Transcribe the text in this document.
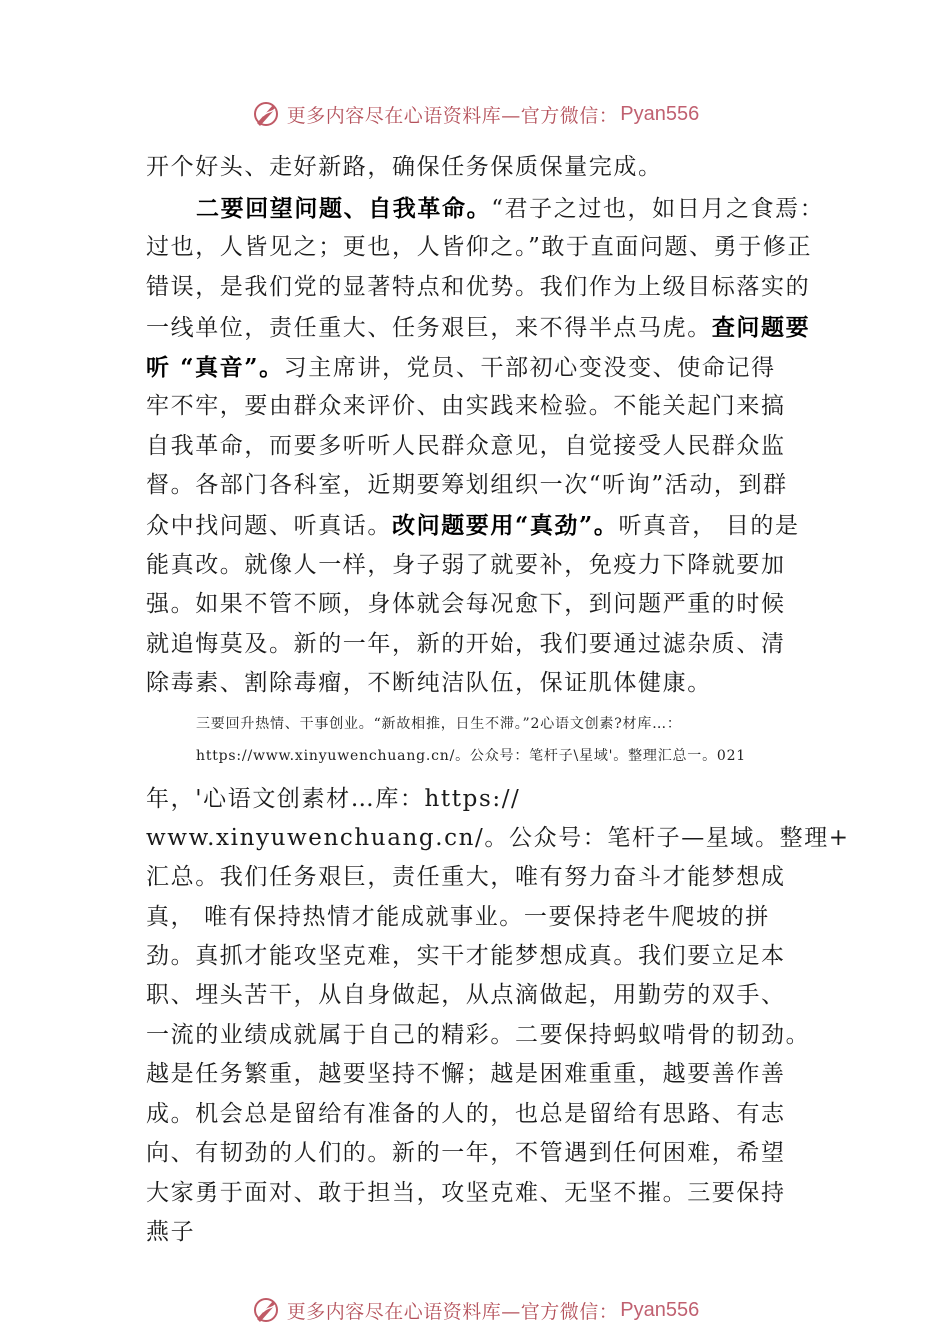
更多内容尽在心语资料库—官方微信： Pyan556
开个好头、走好新路，确保任务保质保量完成。
二要回望问题、自我革命。“君子之过也，如日月之食焉：
过也，人皆见之；更也，人皆仰之。”敢于直面问题、勇于修正
错误，是我们党的显著特点和优势。我们作为上级目标落实的
一线单位，责任重大、任务艰巨，来不得半点马虎。查问题要
听 “真音”。习主席讲，党员、干部初心变没变、使命记得
牢不牢，要由群众来评价、由实践来检验。不能关起门来搞
自我革命，而要多听听人民群众意见，自觉接受人民群众监
督。各部门各科室，近期要筹划组织一次“听询”活动，到群
众中找问题、听真话。改问题要用“真劲”。听真音， 目的是
能真改。就像人一样，身子弱了就要补，免疫力下降就要加
强。如果不管不顾，身体就会每况愈下，到问题严重的时候
就追悔莫及。新的一年，新的开始，我们要通过滤杂质、清
除毒素、割除毒瘤，不断纯洁队伍，保证肌体健康。
三要回升热情、干事创业。“新故相推，日生不滞。”2心语文创素?材库…：
https://www.xinyuwenchuang.cn/。公众号：笔杆子\星域'。整理汇总一。021
年，'心语文创素材…库：https://
www.xinyuwenchuang.cn/。公众号：笔杆子—星域。整理+
汇总。我们任务艰巨，责任重大，唯有努力奋斗才能梦想成
真， 唯有保持热情才能成就事业。一要保持老牛爬坡的拼
劲。真抓才能攻坚克难，实干才能梦想成真。我们要立足本
职、埋头苦干，从自身做起，从点滴做起，用勤劳的双手、
一流的业绩成就属于自己的精彩。二要保持蚂蚁啃骨的韧劲。
越是任务繁重，越要坚持不懈；越是困难重重，越要善作善
成。机会总是留给有准备的人的，也总是留给有思路、有志
向、有韧劲的人们的。新的一年，不管遇到任何困难，希望
大家勇于面对、敢于担当，攻坚克难、无坚不摧。三要保持
燕子
更多内容尽在心语资料库—官方微信： Pyan556
